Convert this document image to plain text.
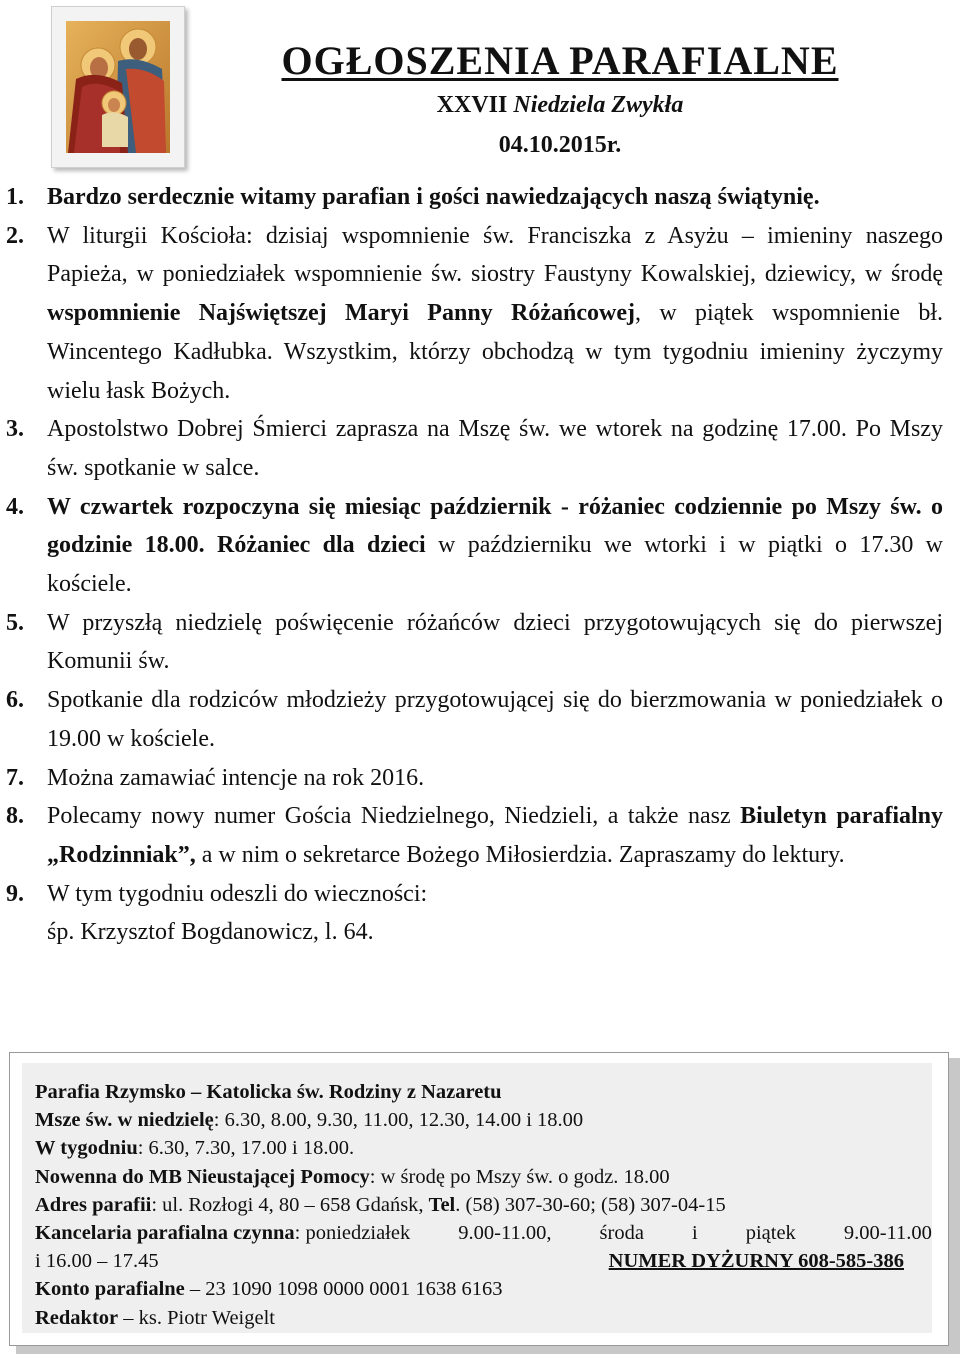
OGŁOSZENIA PARAFIALNE
XXVII Niedziela Zwykła
04.10.2015r.
1. Bardzo serdecznie witamy parafian i gości nawiedzających naszą świątynię.
2. W liturgii Kościoła: dzisiaj wspomnienie św. Franciszka z Asyżu – imieniny naszego Papieża, w poniedziałek wspomnienie św. siostry Faustyny Kowalskiej, dziewicy, w środę wspomnienie Najświętszej Maryi Panny Różańcowej, w piątek wspomnienie bł. Wincentego Kadłubka. Wszystkim, którzy obchodzą w tym tygodniu imieniny życzymy wielu łask Bożych.
3. Apostolstwo Dobrej Śmierci zaprasza na Mszę św. we wtorek na godzinę 17.00. Po Mszy św. spotkanie w salce.
4. W czwartek rozpoczyna się miesiąc październik - różaniec codziennie po Mszy św. o godzinie 18.00. Różaniec dla dzieci w październiku we wtorki i w piątki o 17.30 w kościele.
5. W przyszłą niedzielę poświęcenie różańców dzieci przygotowujących się do pierwszej Komunii św.
6. Spotkanie dla rodziców młodzieży przygotowującej się do bierzmowania w poniedziałek o 19.00 w kościele.
7. Można zamawiać intencje na rok 2016.
8. Polecamy nowy numer Gościa Niedzielnego, Niedzieli, a także nasz Biuletyn parafialny „Rodzinniak”, a w nim o sekretarce Bożego Miłosierdzia. Zapraszamy do lektury.
9. W tym tygodniu odeszli do wieczności:
śp. Krzysztof Bogdanowicz, l. 64.
Parafia Rzymsko – Katolicka św. Rodziny z Nazaretu
Msze św. w niedzielę: 6.30, 8.00, 9.30, 11.00, 12.30, 14.00 i 18.00
W tygodniu: 6.30, 7.30, 17.00 i 18.00.
Nowenna do MB Nieustającej Pomocy: w środę po Mszy św. o godz. 18.00
Adres parafii: ul. Rozłogi 4, 80 – 658 Gdańsk, Tel. (58) 307-30-60; (58) 307-04-15
Kancelaria parafialna czynna: poniedziałek 9.00-11.00, środa i piątek 9.00-11.00
i 16.00 – 17.45	NUMER DYŻURNY 608-585-386
Konto parafialne – 23 1090 1098 0000 0001 1638 6163
Redaktor – ks. Piotr Weigelt
